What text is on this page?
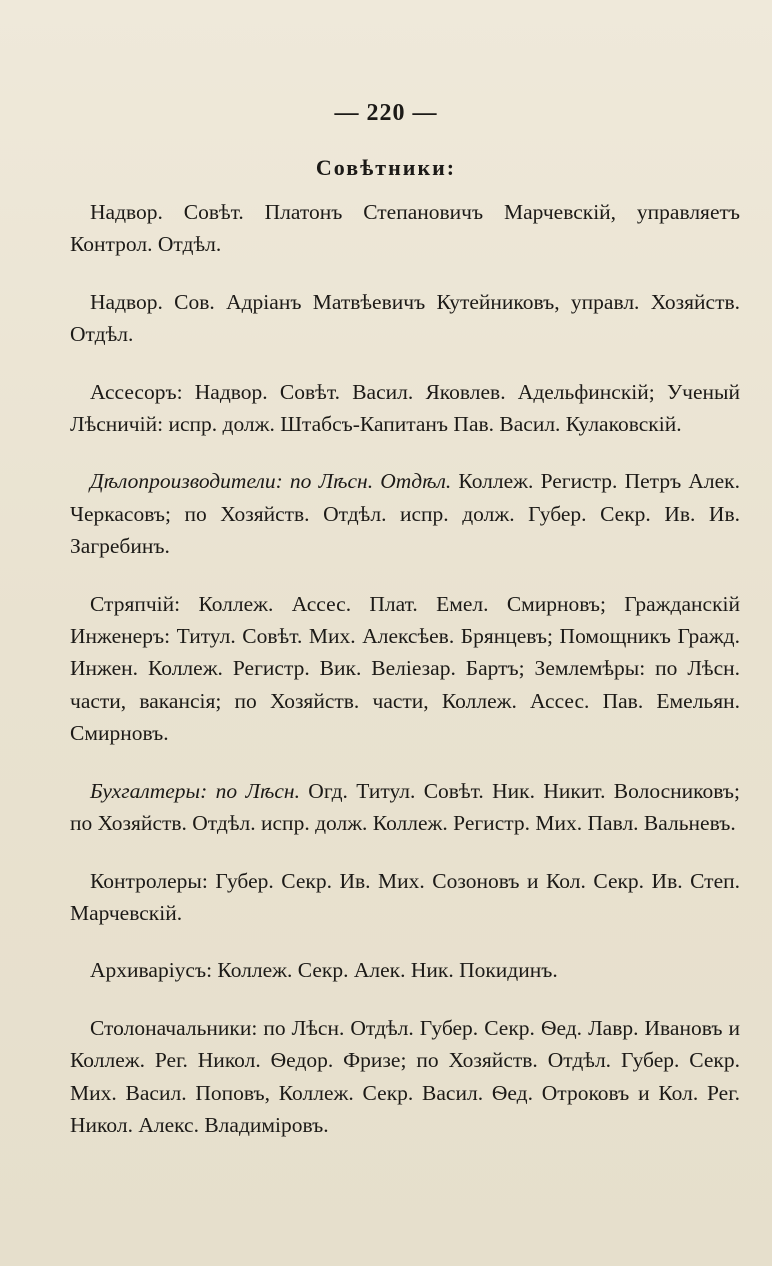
— 220 —
Совѣтники:

Надвор. Совѣт. Платонъ Степановичъ Марчевскій, управляетъ Контрол. Отдѣл.

Надвор. Сов. Адріанъ Матвѣевичъ Кутейниковъ, управл. Хозяйств. Отдѣл.

Ассесоръ: Надвор. Совѣт. Васил. Яковлев. Адельфинскій; Ученый Лѣсничій: испр. долж. Штабсъ-Капитанъ Пав. Васил. Кулаковскій.

Дѣлопроизводители: по Лѣсн. Отдѣл. Коллеж. Регистр. Петръ Алек. Черкасовъ; по Хозяйств. Отдѣл. испр. долж. Губер. Секр. Ив. Ив. Загребинъ.

Стряпчій: Коллеж. Ассес. Плат. Емел. Смирновъ; Гражданскій Инженеръ: Титул. Совѣт. Мих. Алексѣев. Брянцевъ; Помощникъ Гражд. Инжен. Коллеж. Регистр. Вик. Веліезар. Бартъ; Землемѣры: по Лѣсн. части, вакансія; по Хозяйств. части, Коллеж. Ассес. Пав. Емельян. Смирновъ.

Бухгалтеры: по Лѣсн. Огд. Титул. Совѣт. Ник. Никит. Волосниковъ; по Хозяйств. Отдѣл. испр. долж. Коллеж. Регистр. Мих. Павл. Вальневъ.

Контролеры: Губер. Секр. Ив. Мих. Созоновъ и Кол. Секр. Ив. Степ. Марчевскій.

Архиваріусъ: Коллеж. Секр. Алек. Ник. Покидинъ.

Столоначальники: по Лѣсн. Отдѣл. Губер. Секр. Ѳед. Лавр. Ивановъ и Коллеж. Рег. Никол. Ѳедор. Фризе; по Хозяйств. Отдѣл. Губер. Секр. Мих. Васил. Поповъ, Коллеж. Секр. Васил. Ѳед. Отроковъ и Кол. Рег. Никол. Алекс. Владиміровъ.
